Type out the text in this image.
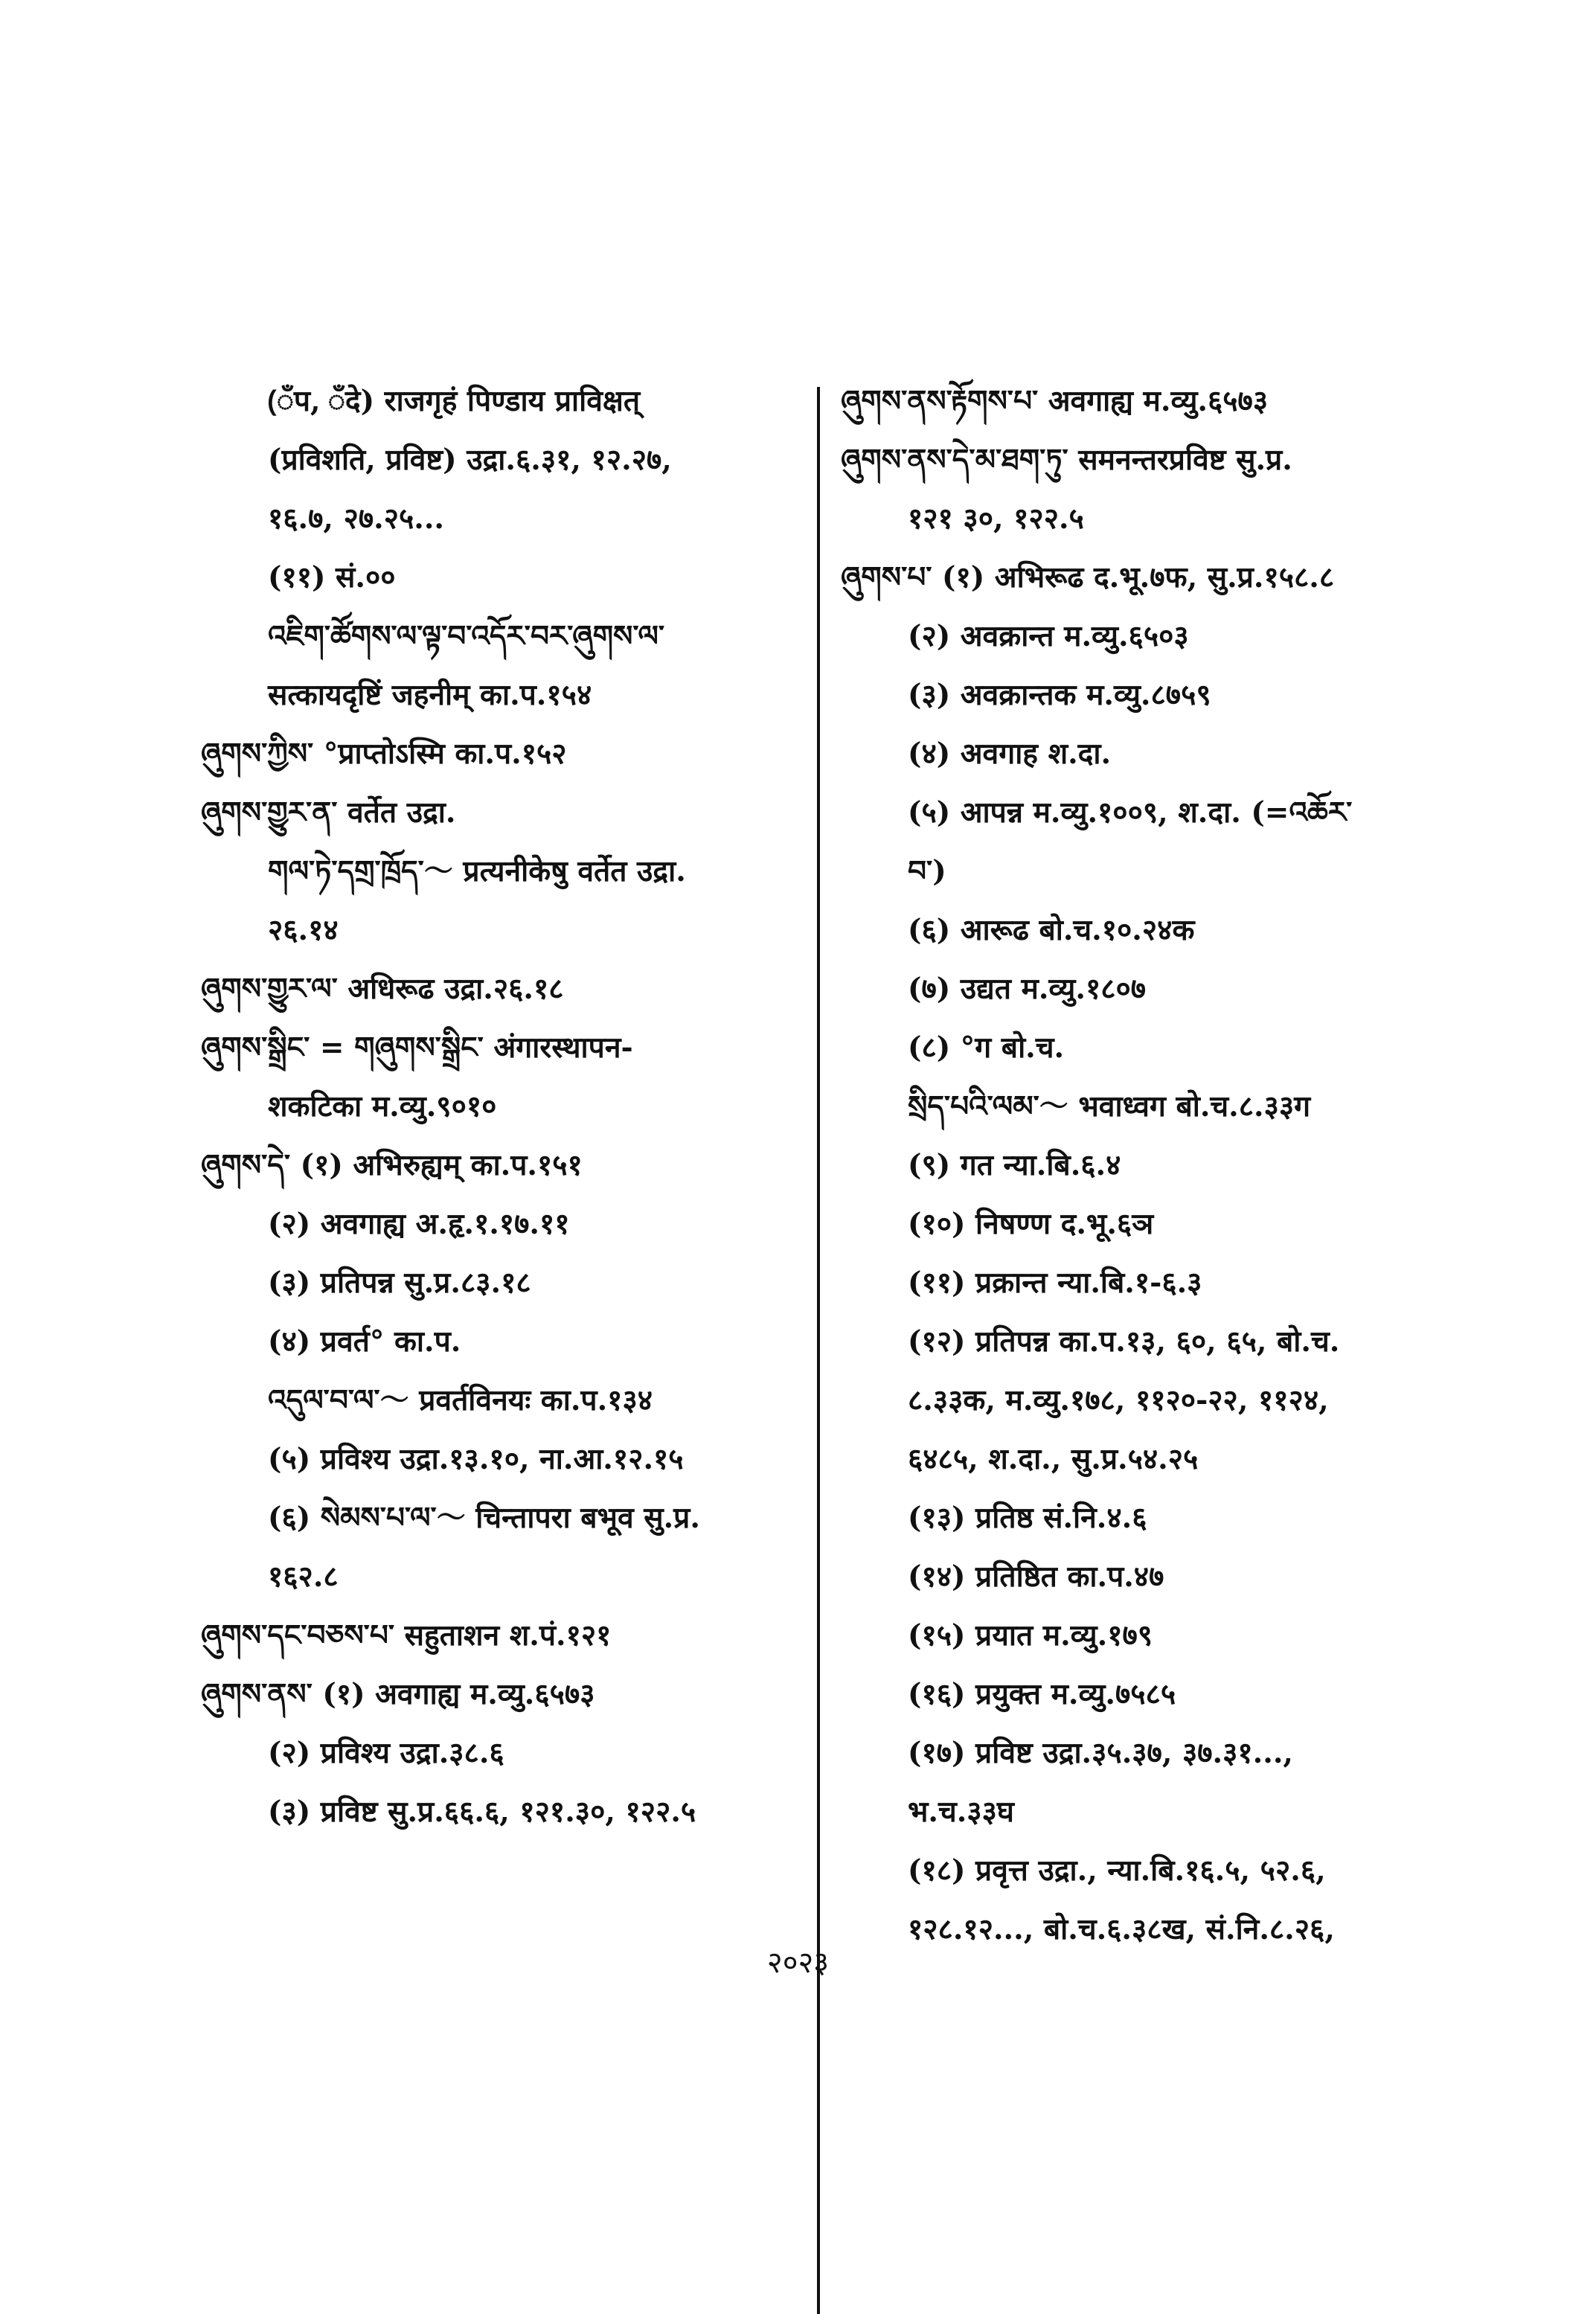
(ँप, ँदे) राजगृहं पिण्डाय प्राविक्षत्
(प्रविशति, प्रविष्ट) उद्रा.६.३१, १२.२७,
१६.७, २७.२५...
(११) सं.००
འཇིག་ཚོགས་ལ་ལྟ་བ་འདོར་བར་ཞུགས་ལ་
सत्कायदृष्टिं जहनीम् का.प.१५४
ཞུགས་ཀྱིས་ °प्राप्तोऽस्मि का.प.१५२
ཞུགས་གྱུར་ན་ वर्तेत उद्रा.
གལ་ཏེ་དགྲ་ཁྲོད་～ प्रत्यनीकेषु वर्तेत उद्रा.
२६.१४
ཞུགས་གྱུར་ལ་ अधिरूढ उद्रा.२६.१८
ཞུགས་སྒྲིང་ = གཞུགས་སྒྲིང་ अंगारस्थापन-
शकटिका म.व्यु.९०१०
ཞུགས་དེ་ (१) अभिरुह्यम् का.प.१५१
(२) अवगाह्य अ.हृ.१.१७.११
(३) प्रतिपन्न सु.प्र.८३.१८
(४) प्रवर्त° का.प.
འདུལ་བ་ལ་～ प्रवर्तविनयः का.प.१३४
(५) प्रविश्य उद्रा.१३.१०, ना.आ.१२.१५
(६) སེམས་པ་ལ་～ चिन्तापरा बभूव सु.प्र.
१६२.८
ཞུགས་དང་བཅས་པ་ सहुताशन श.पं.१२१
ཞུགས་ནས་ (१) अवगाह्य म.व्यु.६५७३
(२) प्रविश्य उद्रा.३८.६
(३) प्रविष्ट सु.प्र.६६.६, १२१.३०, १२२.५
ཞུགས་ནས་རྟོགས་པ་ अवगाह्य म.व्यु.६५७३
ཞུགས་ནས་དེ་མ་ཐག་ཏུ་ समनन्तरप्रविष्ट सु.प्र.
१२१ ३०, १२२.५
ཞུགས་པ་ (१) अभिरूढ द.भू.७फ, सु.प्र.१५८.८
(२) अवक्रान्त म.व्यु.६५०३
(३) अवक्रान्तक म.व्यु.८७५९
(४) अवगाह श.दा.
(५) आपन्न म.व्यु.१००९, श.दा. (=འཆོར་
བ་)
(६) आरूढ बो.च.१०.२४क
(७) उद्यत म.व्यु.१८०७
(८) °ग बो.च.
སྲིད་པའི་ལམ་～ भवाध्वग बो.च.८.३३ग
(९) गत न्या.बि.६.४
(१०) निषण्ण द.भू.६ञ
(११) प्रक्रान्त न्या.बि.१-६.३
(१२) प्रतिपन्न का.प.१३, ६०, ६५, बो.च.
८.३३क, म.व्यु.१७८, ११२०-२२, ११२४,
६४८५, श.दा., सु.प्र.५४.२५
(१३) प्रतिष्ठ सं.नि.४.६
(१४) प्रतिष्ठित का.प.४७
(१५) प्रयात म.व्यु.१७९
(१६) प्रयुक्त म.व्यु.७५८५
(१७) प्रविष्ट उद्रा.३५.३७, ३७.३१...,
भ.च.३३घ
(१८) प्रवृत्त उद्रा., न्या.बि.१६.५, ५२.६,
१२८.१२..., बो.च.६.३८ख, सं.नि.८.२६,
२०२३
